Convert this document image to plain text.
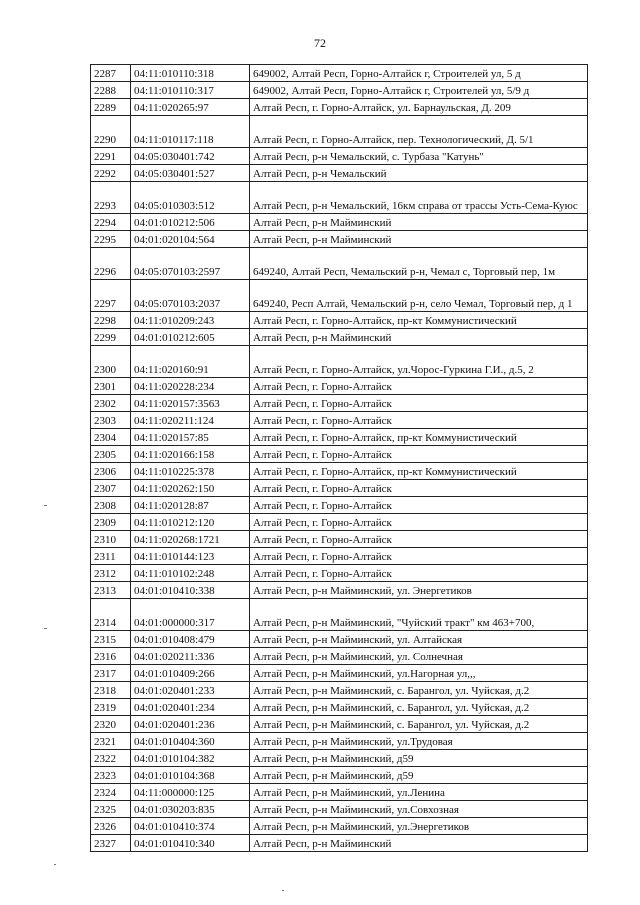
72
2287	04:11:010110:318	649002, Алтай Респ, Горно-Алтайск г, Строителей ул, 5 д
2288	04:11:010110:317	649002, Алтай Респ, Горно-Алтайск г, Строителей ул, 5/9 д
2289	04:11:020265:97	Алтай Респ, г. Горно-Алтайск, ул. Барнаульская, Д. 209
2290	04:11:010117:118	Алтай Респ, г. Горно-Алтайск, пер. Технологический, Д. 5/1
2291	04:05:030401:742	Алтай Респ, р-н Чемальский, с. Турбаза "Катунь"
2292	04:05:030401:527	Алтай Респ, р-н Чемальский
2293	04:05:010303:512	Алтай Респ, р-н Чемальский, 16км справа от трассы Усть-Сема-Куюс
2294	04:01:010212:506	Алтай Респ, р-н Майминский
2295	04:01:020104:564	Алтай Респ, р-н Майминский
2296	04:05:070103:2597	649240, Алтай Респ, Чемальский р-н, Чемал с, Торговый пер, 1м
2297	04:05:070103:2037	649240, Респ Алтай, Чемальский р-н, село Чемал, Торговый пер, д 1
2298	04:11:010209:243	Алтай Респ, г. Горно-Алтайск, пр-кт Коммунистический
2299	04:01:010212:605	Алтай Респ, р-н Майминский
2300	04:11:020160:91	Алтай Респ, г. Горно-Алтайск, ул.Чорос-Гуркина Г.И., д.5, 2
2301	04:11:020228:234	Алтай Респ, г. Горно-Алтайск
2302	04:11:020157:3563	Алтай Респ, г. Горно-Алтайск
2303	04:11:020211:124	Алтай Респ, г. Горно-Алтайск
2304	04:11:020157:85	Алтай Респ, г. Горно-Алтайск, пр-кт Коммунистический
2305	04:11:020166:158	Алтай Респ, г. Горно-Алтайск
2306	04:11:010225:378	Алтай Респ, г. Горно-Алтайск, пр-кт Коммунистический
2307	04:11:020262:150	Алтай Респ, г. Горно-Алтайск
2308	04:11:020128:87	Алтай Респ, г. Горно-Алтайск
2309	04:11:010212:120	Алтай Респ, г. Горно-Алтайск
2310	04:11:020268:1721	Алтай Респ, г. Горно-Алтайск
2311	04:11:010144:123	Алтай Респ, г. Горно-Алтайск
2312	04:11:010102:248	Алтай Респ, г. Горно-Алтайск
2313	04:01:010410:338	Алтай Респ, р-н Майминский, ул. Энергетиков
2314	04:01:000000:317	Алтай Респ, р-н Майминский, "Чуйский тракт" км 463+700,
2315	04:01:010408:479	Алтай Респ, р-н Майминский, ул. Алтайская
2316	04:01:020211:336	Алтай Респ, р-н Майминский, ул. Солнечная
2317	04:01:010409:266	Алтай Респ, р-н Майминский, ул.Нагорная ул,,,
2318	04:01:020401:233	Алтай Респ, р-н Майминский, с. Барангол, ул. Чуйская, д.2
2319	04:01:020401:234	Алтай Респ, р-н Майминский, с. Барангол, ул. Чуйская, д.2
2320	04:01:020401:236	Алтай Респ, р-н Майминский, с. Барангол, ул. Чуйская, д.2
2321	04:01:010404:360	Алтай Респ, р-н Майминский, ул.Трудовая
2322	04:01:010104:382	Алтай Респ, р-н Майминский, д59
2323	04:01:010104:368	Алтай Респ, р-н Майминский, д59
2324	04:11:000000:125	Алтай Респ, р-н Майминский, ул.Ленина
2325	04:01:030203:835	Алтай Респ, р-н Майминский, ул.Совхозная
2326	04:01:010410:374	Алтай Респ, р-н Майминский, ул.Энергетиков
2327	04:01:010410:340	Алтай Респ, р-н Майминский
